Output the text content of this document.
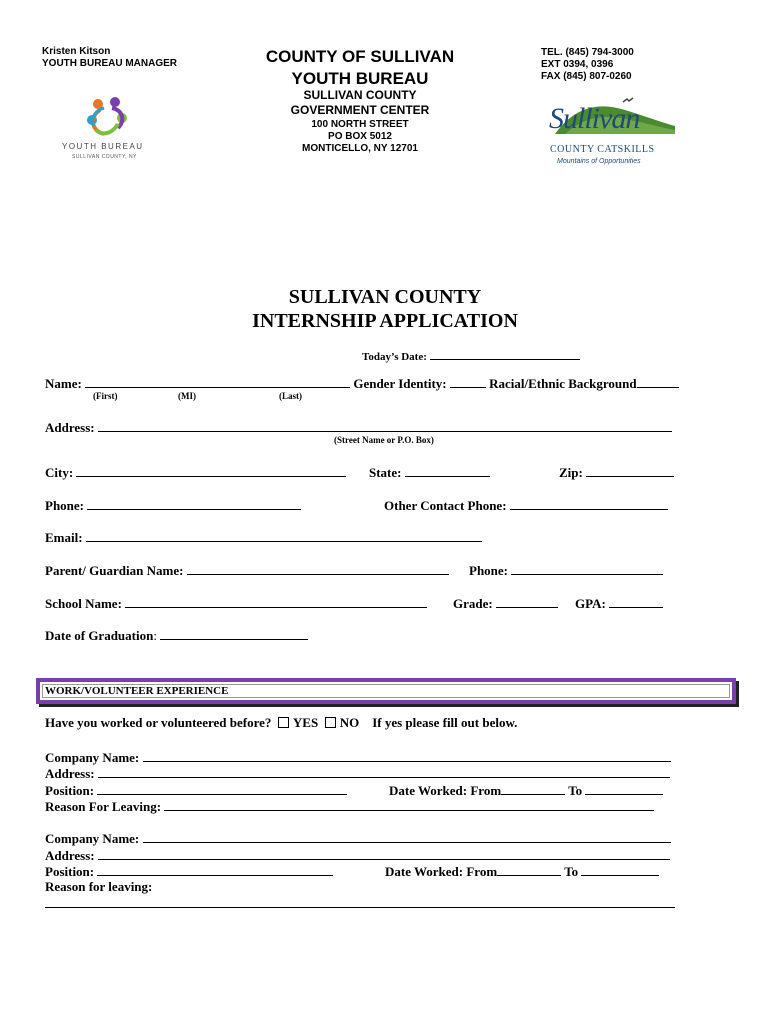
Kristen Kitson
YOUTH BUREAU MANAGER
YOUTH BUREAU
SULLIVAN COUNTY, NY
COUNTY OF SULLIVAN
YOUTH BUREAU
SULLIVAN COUNTY
GOVERNMENT CENTER
100 NORTH STREET
PO BOX 5012
MONTICELLO, NY 12701
TEL. (845) 794-3000
EXT 0394, 0396
FAX (845) 807-0260
Sullivan
COUNTY CATSKILLS
Mountains of Opportunities
SULLIVAN COUNTY
INTERNSHIP APPLICATION
Today’s Date:
Name:	Gender Identity:	Racial/Ethnic Background
(First)	(MI)	(Last)
Address:
(Street Name or P.O. Box)
City:	State:	Zip:
Phone:	Other Contact Phone:
Email:
Parent/ Guardian Name:	Phone:
School Name:	Grade:	GPA:
Date of Graduation:
WORK/VOLUNTEER EXPERIENCE
Have you worked or volunteered before? YES NO If yes please fill out below.
Company Name:
Address:
Position:	Date Worked: From	To
Reason For Leaving:
Company Name:
Address:
Position:	Date Worked: From	To
Reason for leaving:
